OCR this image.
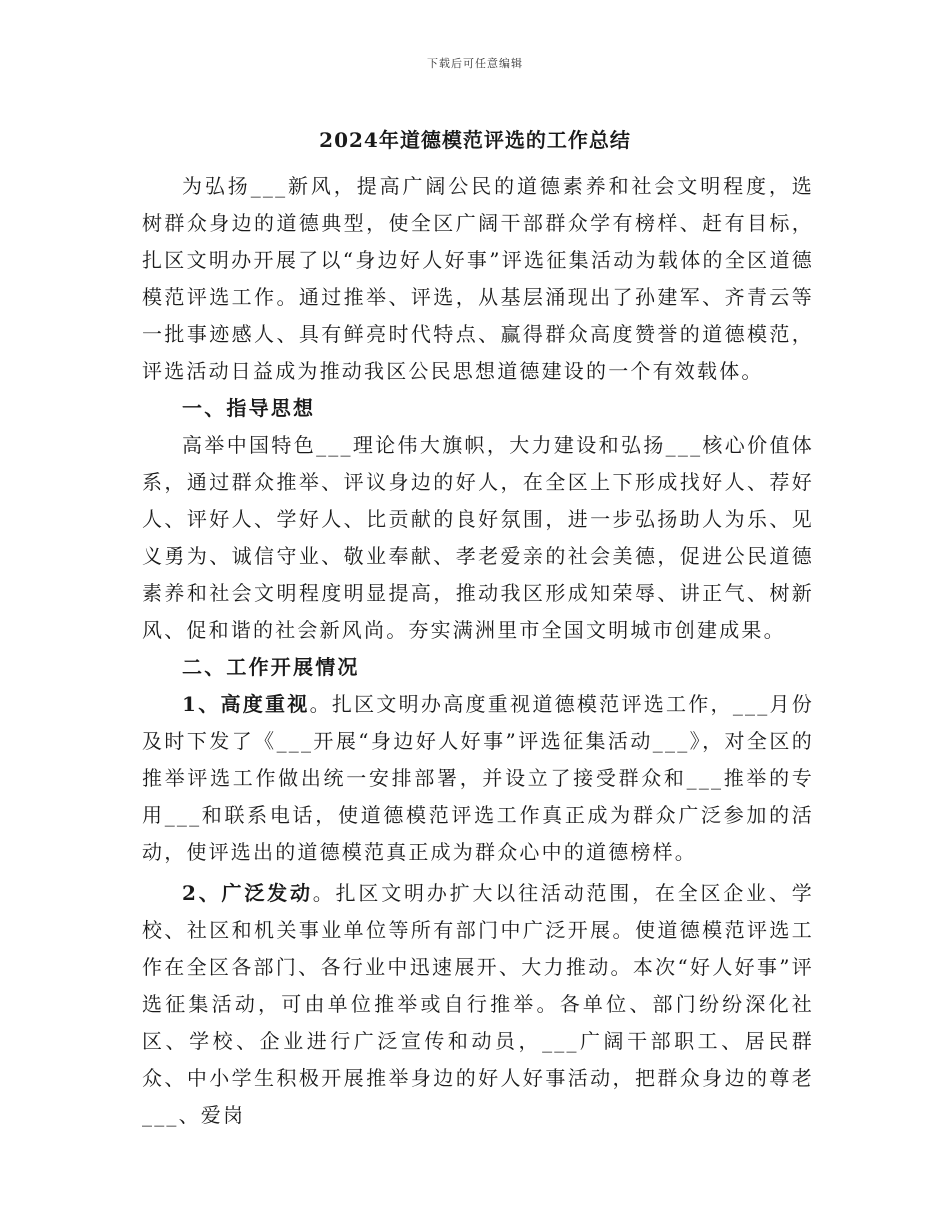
下载后可任意编辑
2024年道德模范评选的工作总结

为弘扬___新风，提高广阔公民的道德素养和社会文明程度，选树群众身边的道德典型，使全区广阔干部群众学有榜样、赶有目标，扎区文明办开展了以“身边好人好事”评选征集活动为载体的全区道德模范评选工作。通过推举、评选，从基层涌现出了孙建军、齐青云等一批事迹感人、具有鲜亮时代特点、赢得群众高度赞誉的道德模范，评选活动日益成为推动我区公民思想道德建设的一个有效载体。

一、指导思想

高举中国特色___理论伟大旗帜，大力建设和弘扬___核心价值体系，通过群众推举、评议身边的好人，在全区上下形成找好人、荐好人、评好人、学好人、比贡献的良好氛围，进一步弘扬助人为乐、见义勇为、诚信守业、敬业奉献、孝老爱亲的社会美德，促进公民道德素养和社会文明程度明显提高，推动我区形成知荣辱、讲正气、树新风、促和谐的社会新风尚。夯实满洲里市全国文明城市创建成果。

二、工作开展情况

1、高度重视。扎区文明办高度重视道德模范评选工作，___月份及时下发了《___开展“身边好人好事”评选征集活动___》，对全区的推举评选工作做出统一安排部署，并设立了接受群众和___推举的专用___和联系电话，使道德模范评选工作真正成为群众广泛参加的活动，使评选出的道德模范真正成为群众心中的道德榜样。

2、广泛发动。扎区文明办扩大以往活动范围，在全区企业、学校、社区和机关事业单位等所有部门中广泛开展。使道德模范评选工作在全区各部门、各行业中迅速展开、大力推动。本次“好人好事”评选征集活动，可由单位推举或自行推举。各单位、部门纷纷深化社区、学校、企业进行广泛宣传和动员，___广阔干部职工、居民群众、中小学生积极开展推举身边的好人好事活动，把群众身边的尊老___、爱岗
